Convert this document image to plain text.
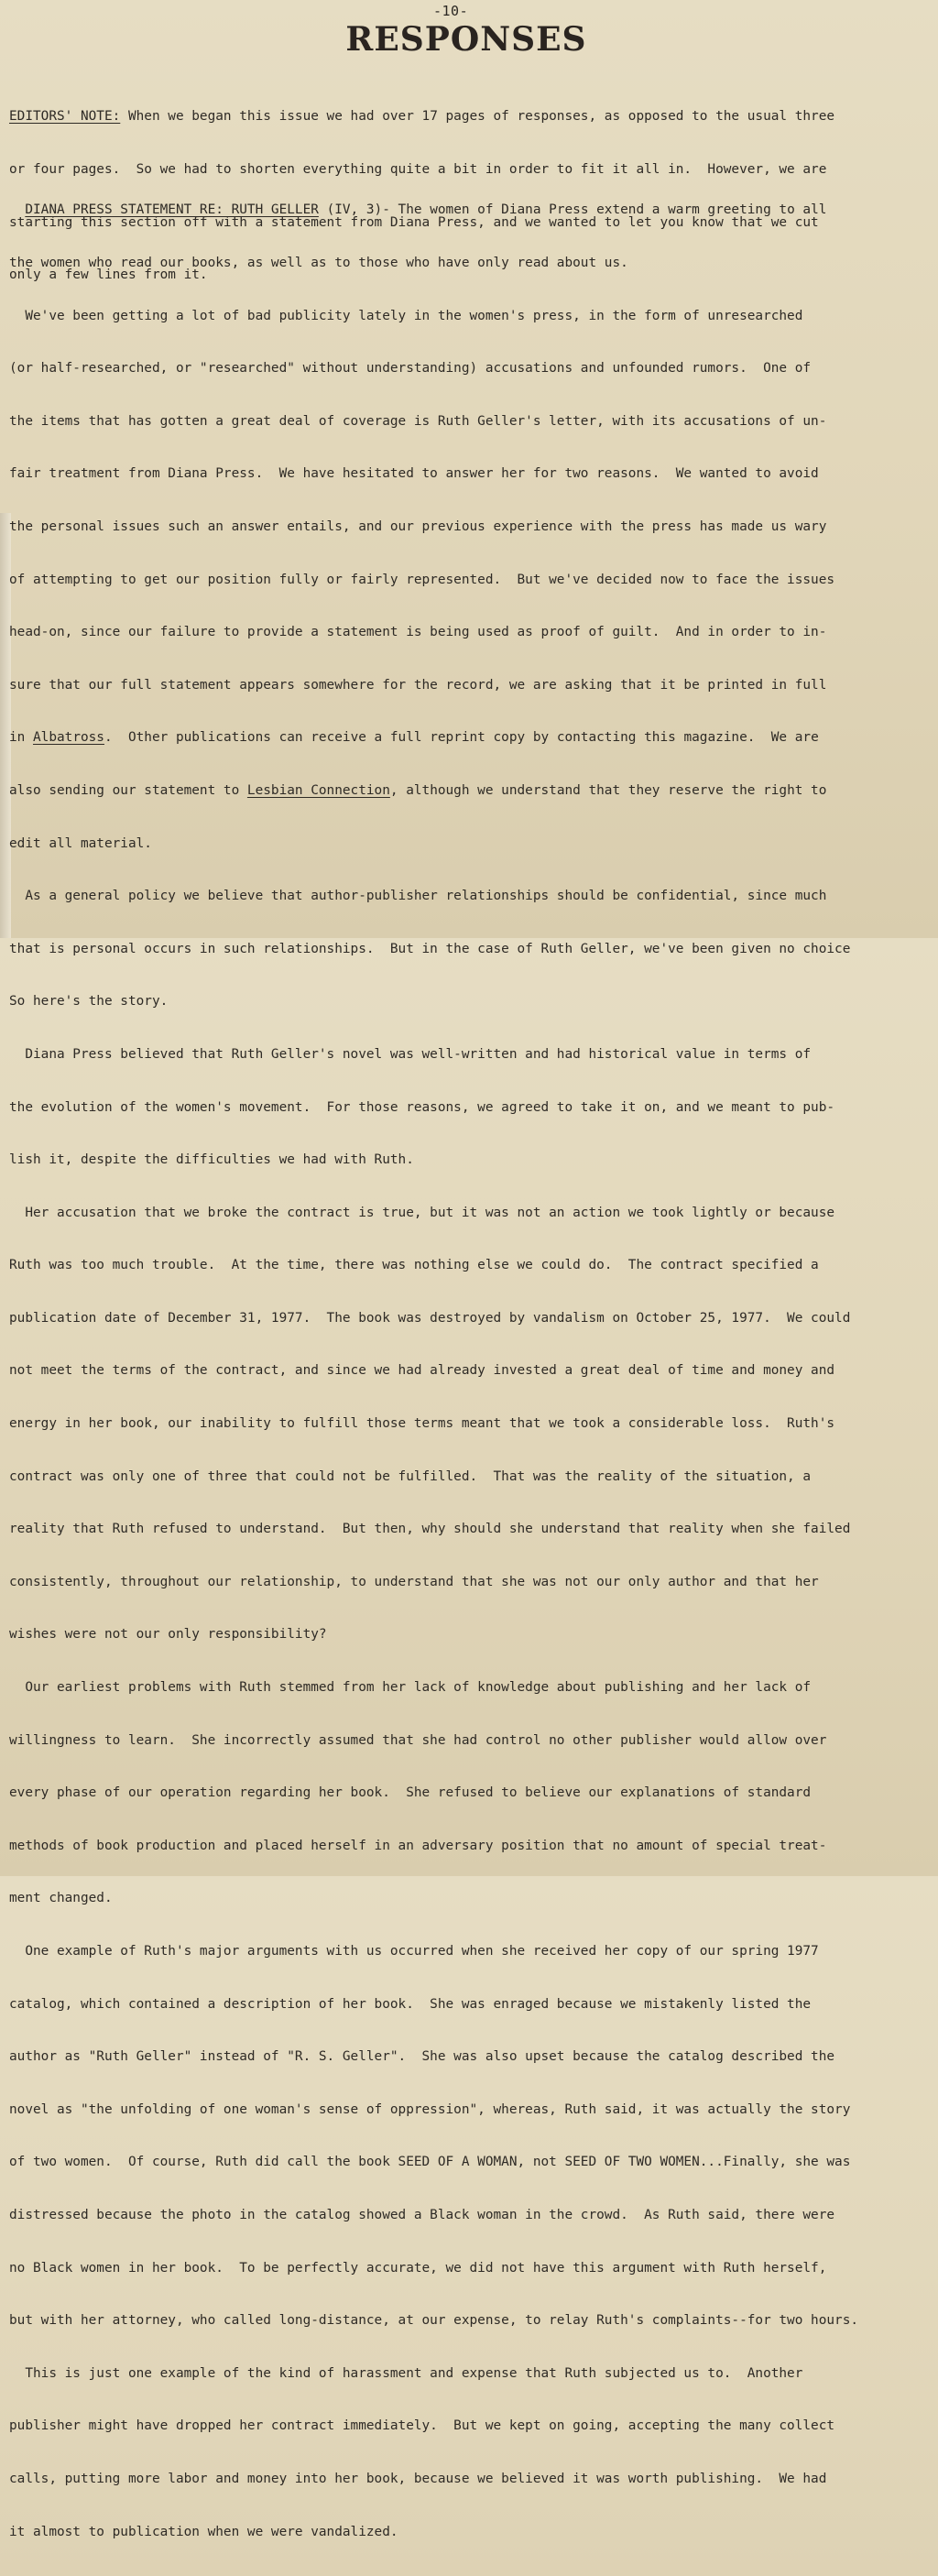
-10-
RESPONSES

EDITORS' NOTE: When we began this issue we had over 17 pages of responses, as opposed to the usual three

or four pages.  So we had to shorten everything quite a bit in order to fit it all in.  However, we are

starting this section off with a statement from Diana Press, and we wanted to let you know that we cut

only a few lines from it.

DIANA PRESS STATEMENT RE: RUTH GELLER (IV, 3)- The women of Diana Press extend a warm greeting to all

the women who read our books, as well as to those who have only read about us.

We've been getting a lot of bad publicity lately in the women's press, in the form of unresearched

(or half-researched, or "researched" without understanding) accusations and unfounded rumors.  One of

the items that has gotten a great deal of coverage is Ruth Geller's letter, with its accusations of un-

fair treatment from Diana Press.  We have hesitated to answer her for two reasons.  We wanted to avoid

the personal issues such an answer entails, and our previous experience with the press has made us wary

of attempting to get our position fully or fairly represented.  But we've decided now to face the issues

head-on, since our failure to provide a statement is being used as proof of guilt.  And in order to in-

sure that our full statement appears somewhere for the record, we are asking that it be printed in full

in Albatross.  Other publications can receive a full reprint copy by contacting this magazine.  We are

also sending our statement to Lesbian Connection, although we understand that they reserve the right to

edit all material.

As a general policy we believe that author-publisher relationships should be confidential, since much

that is personal occurs in such relationships.  But in the case of Ruth Geller, we've been given no choice

So here's the story.

Diana Press believed that Ruth Geller's novel was well-written and had historical value in terms of

the evolution of the women's movement.  For those reasons, we agreed to take it on, and we meant to pub-

lish it, despite the difficulties we had with Ruth.

Her accusation that we broke the contract is true, but it was not an action we took lightly or because

Ruth was too much trouble.  At the time, there was nothing else we could do.  The contract specified a

publication date of December 31, 1977.  The book was destroyed by vandalism on October 25, 1977.  We could

not meet the terms of the contract, and since we had already invested a great deal of time and money and

energy in her book, our inability to fulfill those terms meant that we took a considerable loss.  Ruth's

contract was only one of three that could not be fulfilled.  That was the reality of the situation, a

reality that Ruth refused to understand.  But then, why should she understand that reality when she failed

consistently, throughout our relationship, to understand that she was not our only author and that her

wishes were not our only responsibility?

Our earliest problems with Ruth stemmed from her lack of knowledge about publishing and her lack of

willingness to learn.  She incorrectly assumed that she had control no other publisher would allow over

every phase of our operation regarding her book.  She refused to believe our explanations of standard

methods of book production and placed herself in an adversary position that no amount of special treat-

ment changed.

One example of Ruth's major arguments with us occurred when she received her copy of our spring 1977

catalog, which contained a description of her book.  She was enraged because we mistakenly listed the

author as "Ruth Geller" instead of "R. S. Geller".  She was also upset because the catalog described the

novel as "the unfolding of one woman's sense of oppression", whereas, Ruth said, it was actually the story

of two women.  Of course, Ruth did call the book SEED OF A WOMAN, not SEED OF TWO WOMEN...Finally, she was

distressed because the photo in the catalog showed a Black woman in the crowd.  As Ruth said, there were

no Black women in her book.  To be perfectly accurate, we did not have this argument with Ruth herself,

but with her attorney, who called long-distance, at our expense, to relay Ruth's complaints--for two hours.

This is just one example of the kind of harassment and expense that Ruth subjected us to.  Another

publisher might have dropped her contract immediately.  But we kept on going, accepting the many collect

calls, putting more labor and money into her book, because we believed it was worth publishing.  We had

it almost to publication when we were vandalized.
